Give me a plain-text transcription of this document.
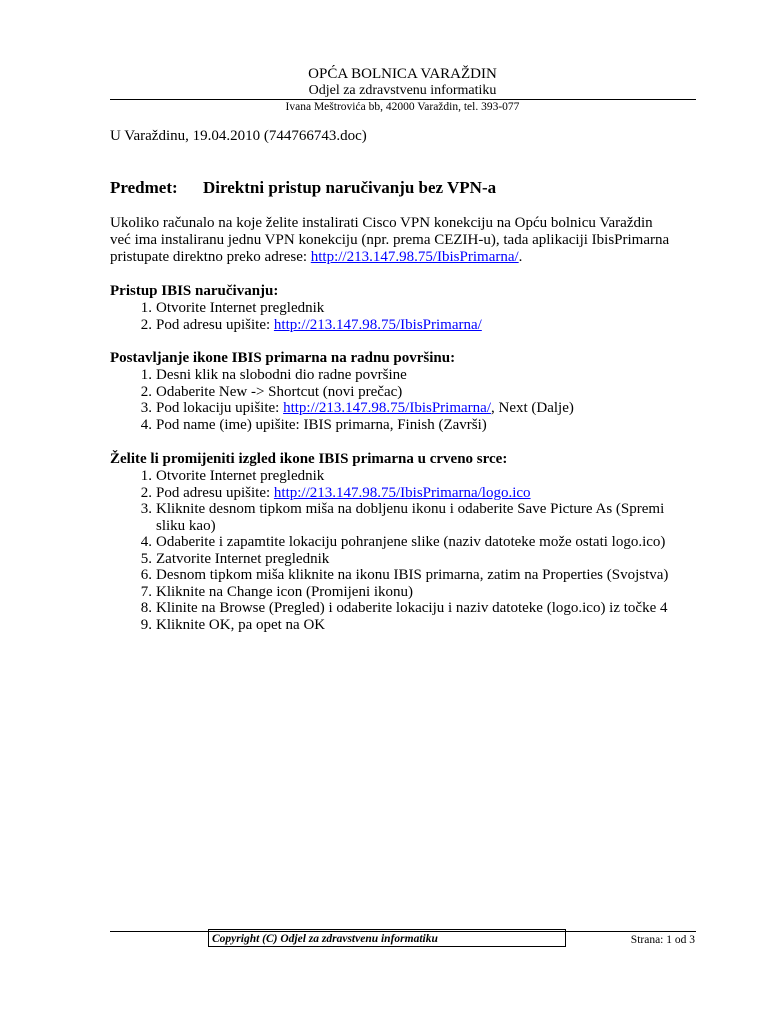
OPĆA BOLNICA VARAŽDIN
Odjel za zdravstvenu informatiku
Ivana Meštrovića bb, 42000 Varaždin, tel. 393-077
U Varaždinu, 19.04.2010 (744766743.doc)
Predmet: Direktni pristup naručivanju bez VPN-a

Ukoliko računalo na koje želite instalirati Cisco VPN konekciju na Opću bolnicu Varaždin

već ima instaliranu jednu VPN konekciju (npr. prema CEZIH-u), tada aplikaciji IbisPrimarna

pristupate direktno preko adrese: http://213.147.98.75/IbisPrimarna/.

Pristup IBIS naručivanju:
1. Otvorite Internet preglednik
2. Pod adresu upišite: http://213.147.98.75/IbisPrimarna/
Postavljanje ikone IBIS primarna na radnu površinu:
1. Desni klik na slobodni dio radne površine
2. Odaberite New -> Shortcut (novi prečac)
3. Pod lokaciju upišite: http://213.147.98.75/IbisPrimarna/, Next (Dalje)
4. Pod name (ime) upišite: IBIS primarna, Finish (Završi)
Želite li promijeniti izgled ikone IBIS primarna u crveno srce:
1. Otvorite Internet preglednik
2. Pod adresu upišite: http://213.147.98.75/IbisPrimarna/logo.ico
3. Kliknite desnom tipkom miša na dobljenu ikonu i odaberite Save Picture As (Spremi
sliku kao)
4. Odaberite i zapamtite lokaciju pohranjene slike (naziv datoteke može ostati logo.ico)
5. Zatvorite Internet preglednik
6. Desnom tipkom miša kliknite na ikonu IBIS primarna, zatim na Properties (Svojstva)
7. Kliknite na Change icon (Promijeni ikonu)
8. Klinite na Browse (Pregled) i odaberite lokaciju i naziv datoteke (logo.ico) iz točke 4
9. Kliknite OK, pa opet na OK
Copyright (C) Odjel za zdravstvenu informatiku	Strana: 1 od 3
